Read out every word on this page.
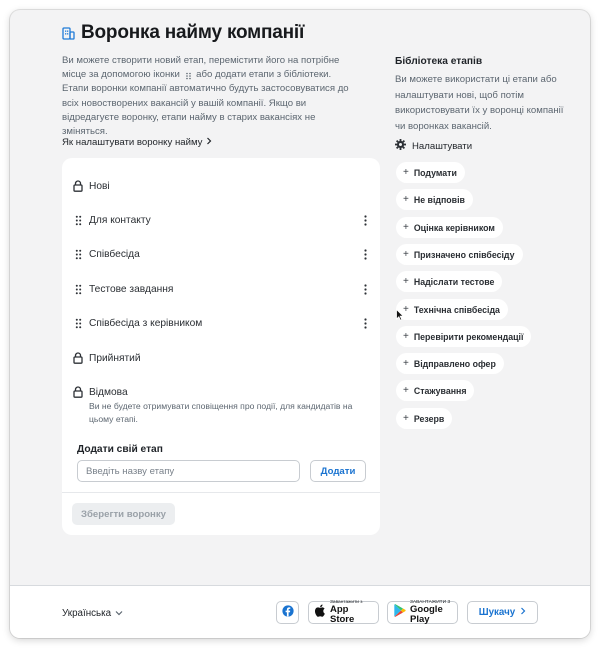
Воронка найму компанії
Ви можете створити новий етап, перемістити його на потрібне місце за допомогою іконки або додати етапи з бібліотеки.
Етапи воронки компанії автоматично будуть застосовуватися до всіх новостворених вакансій у вашій компанії. Якщо ви відредагуєте воронку, етапи найму в старих вакансіях не зміняться.
Як налаштувати воронку найму
Нові
Для контакту
Співбесіда
Тестове завдання
Співбесіда з керівником
Прийнятий
Відмова
Ви не будете отримувати сповіщення про події, для кандидатів на цьому етапі.
Додати свій етап
Введіть назву етапу
Додати
Зберегти воронку
Бібліотека етапів
Ви можете використати ці етапи або налаштувати нові, щоб потім використовувати їх у воронці компанії чи воронках вакансій.
Налаштувати
+ Подумати
+ Не відповів
+ Оцінка керівником
+ Призначено співбесіду
+ Надіслати тестове
+ Технічна співбесіда
+ Перевірити рекомендації
+ Відправлено офер
+ Стажування
+ Резерв
Українська
Завантажити з
App Store
ЗАВАНТАЖИТИ З
Google Play
Шукачу
